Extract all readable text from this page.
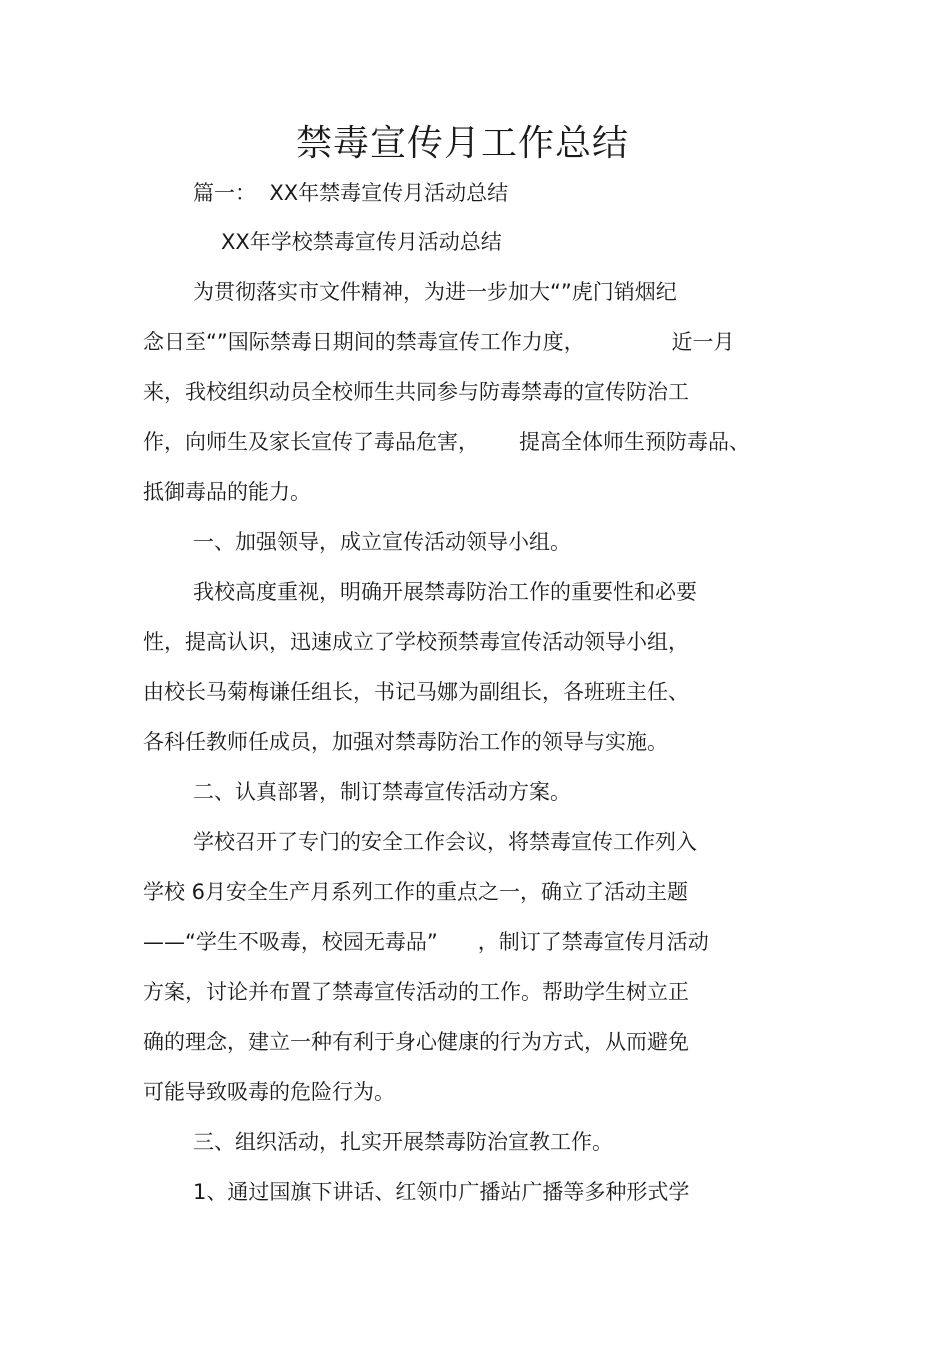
禁毒宣传月工作总结
篇一：  XX年禁毒宣传月活动总结
XX年学校禁毒宣传月活动总结
为贯彻落实市文件精神，为进一步加大“”虎门销烟纪
念日至“”国际禁毒日期间的禁毒宣传工作力度，             近一月
来，我校组织动员全校师生共同参与防毒禁毒的宣传防治工
作，向师生及家长宣传了毒品危害，      提高全体师生预防毒品、
抵御毒品的能力。
一、加强领导，成立宣传活动领导小组。
我校高度重视，明确开展禁毒防治工作的重要性和必要
性，提高认识，迅速成立了学校预禁毒宣传活动领导小组，
由校长马菊梅谦任组长，书记马娜为副组长，各班班主任、
各科任教师任成员，加强对禁毒防治工作的领导与实施。
二、认真部署，制订禁毒宣传活动方案。
学校召开了专门的安全工作会议，将禁毒宣传工作列入
学校 6月安全生产月系列工作的重点之一，确立了活动主题
——“学生不吸毒，校园无毒品”      ，制订了禁毒宣传月活动
方案，讨论并布置了禁毒宣传活动的工作。帮助学生树立正
确的理念，建立一种有利于身心健康的行为方式，从而避免
可能导致吸毒的危险行为。
三、组织活动，扎实开展禁毒防治宣教工作。
1、通过国旗下讲话、红领巾广播站广播等多种形式学
